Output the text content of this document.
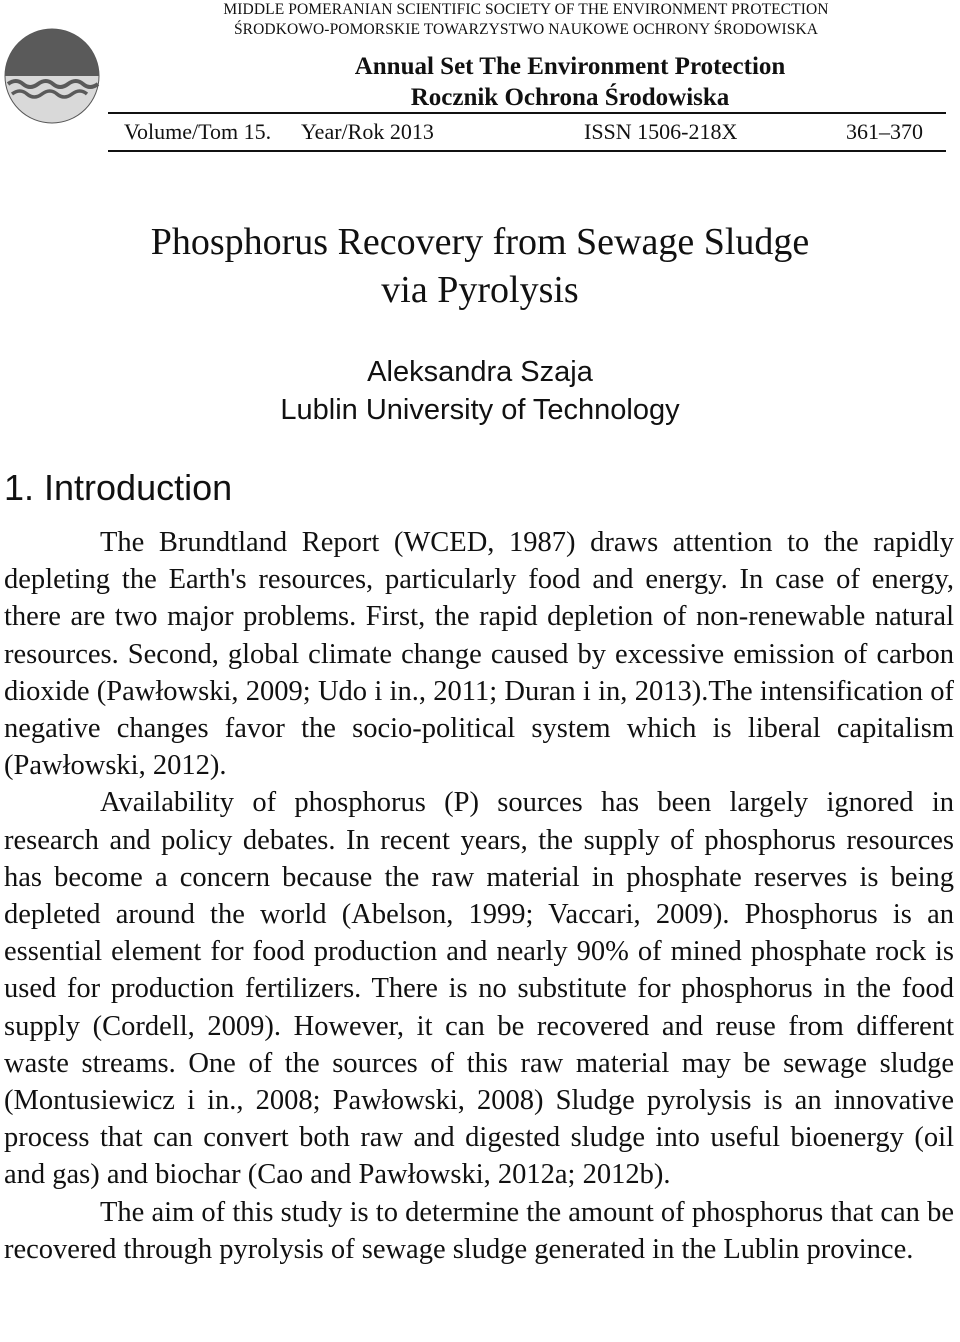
MIDDLE POMERANIAN SCIENTIFIC SOCIETY OF THE ENVIRONMENT PROTECTION
ŚRODKOWO-POMORSKIE TOWARZYSTWO NAUKOWE OCHRONY ŚRODOWISKA
Annual Set The Environment Protection
Rocznik Ochrona Środowiska
Volume/Tom 15. Year/Rok 2013	ISSN 1506-218X	361–370
Phosphorus Recovery from Sewage Sludge
via Pyrolysis
Aleksandra Szaja
Lublin University of Technology
1. Introduction

The Brundtland Report (WCED, 1987) draws attention to the rapidly depleting the Earth's resources, particularly food and energy. In case of energy, there are two major problems. First, the rapid depletion of non-renewable natural resources. Second, global climate change caused by excessive emission of carbon dioxide (Pawłowski, 2009; Udo i in., 2011; Duran i in, 2013).The intensification of negative changes favor the socio-political system which is liberal capitalism (Pawłowski, 2012).

Availability of phosphorus (P) sources has been largely ignored in research and policy debates. In recent years, the supply of phosphorus resources has become a concern because the raw material in phosphate reserves is being depleted around the world (Abelson, 1999; Vaccari, 2009). Phosphorus is an essential element for food production and nearly 90% of mined phosphate rock is used for production fertilizers. There is no substitute for phosphorus in the food supply (Cordell, 2009). However, it can be recovered and reuse from different waste streams. One of the sources of this raw material may be sewage sludge (Montusiewicz i in., 2008; Pawłowski, 2008) Sludge pyrolysis is an innovative process that can convert both raw and digested sludge into useful bioenergy (oil and gas) and biochar (Cao and Pawłowski, 2012a; 2012b).

The aim of this study is to determine the amount of phosphorus that can be recovered through pyrolysis of sewage sludge generated in the Lublin province.
